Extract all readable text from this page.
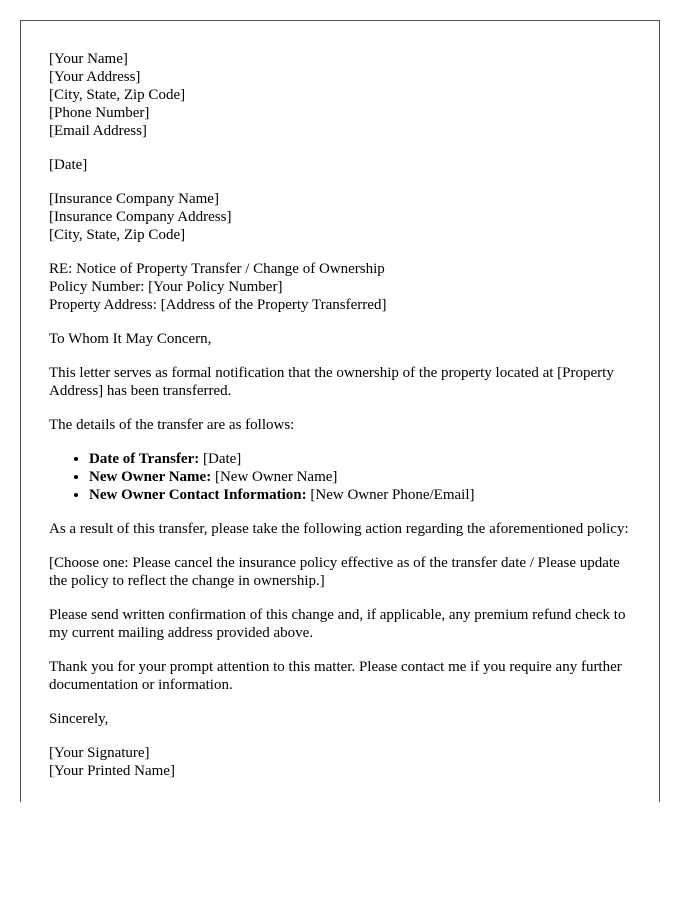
[Your Name]
[Your Address]
[City, State, Zip Code]
[Phone Number]
[Email Address]
[Date]
[Insurance Company Name]
[Insurance Company Address]
[City, State, Zip Code]
RE: Notice of Property Transfer / Change of Ownership
Policy Number: [Your Policy Number]
Property Address: [Address of the Property Transferred]

To Whom It May Concern,

This letter serves as formal notification that the ownership of the property located at [Property Address] has been transferred.

The details of the transfer are as follows:

• Date of Transfer: [Date]
• New Owner Name: [New Owner Name]
• New Owner Contact Information: [New Owner Phone/Email]

As a result of this transfer, please take the following action regarding the aforementioned policy:

[Choose one: Please cancel the insurance policy effective as of the transfer date / Please update the policy to reflect the change in ownership.]

Please send written confirmation of this change and, if applicable, any premium refund check to my current mailing address provided above.

Thank you for your prompt attention to this matter. Please contact me if you require any further documentation or information.

Sincerely,

[Your Signature]
[Your Printed Name]
